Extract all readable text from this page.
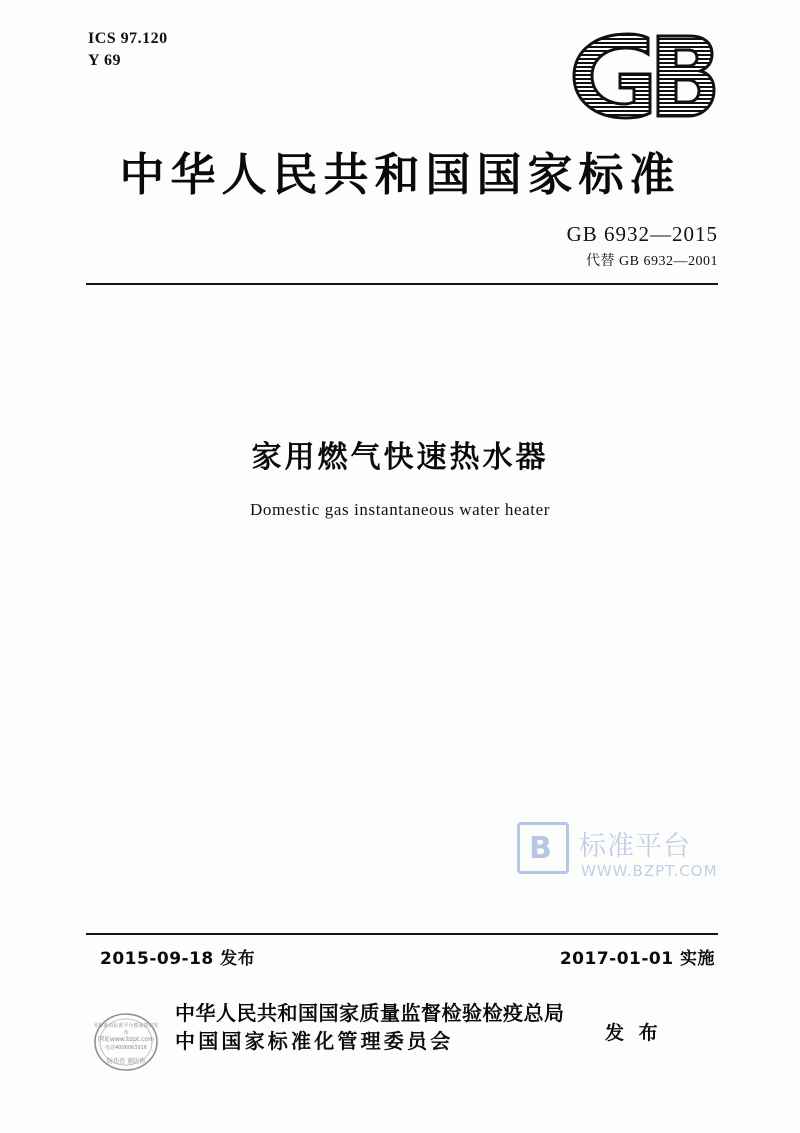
ICS 97.120
Y 69
中华人民共和国国家标准
GB 6932—2015
代替 GB 6932—2001
家用燃气快速热水器
Domestic gas instantaneous water heater
B 标准平台
WWW.BZPT.COM
2015-09-18 发布	2017-01-01 实施
中华人民共和国国家质量监督检验检疫总局
中国国家标准化管理委员会	发 布
本标准由标准平台独家授权发布
网址www.bzpt.com
电话4006063916
防伪查 谨防伪
